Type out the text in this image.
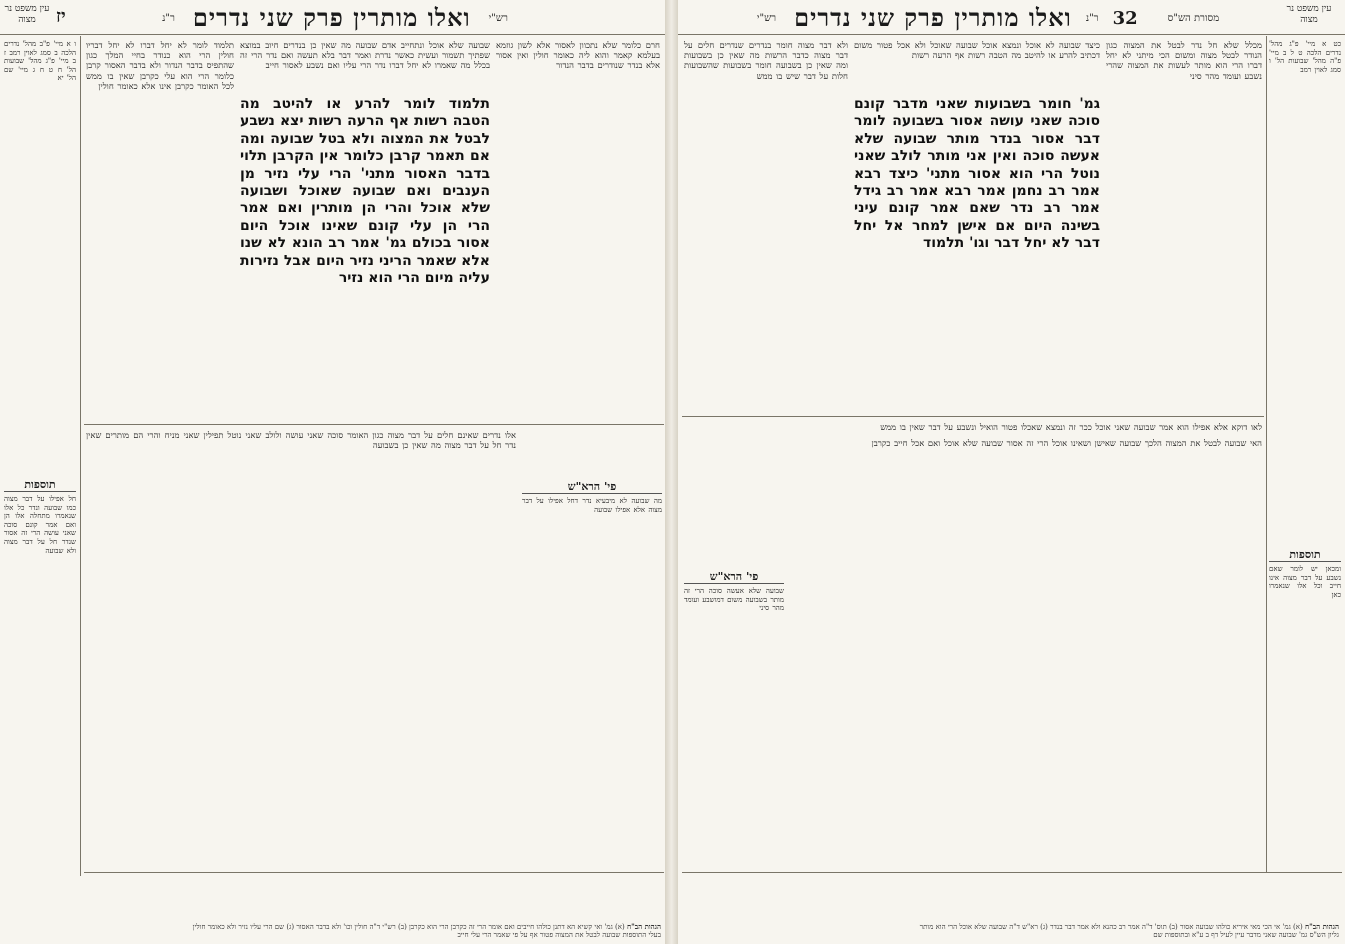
עין משפט נר מצוה	רש"י
ואלו מותרין פרק שני נדרים
ר"נ
יז
ו א מיי' פ"ב מהל' נדרים הלכה ב סמג לאוין רמב ז ב מיי' פ"ג מהל' שבועות הל' ח ט ח ג מיי' שם הל' יא
תוספות
חל אפילו על דבר מצוה כמו שבועה ונדר כל אלו שנאמרו מתחלה אלו הן ואם אמר קונם סוכה שאני עושה הרי זה אסור שנדר חל על דבר מצוה ולא שבועה
תלמוד לומר לא יחל דברו לא יחל דבריו חולין הרי הוא כנודר בחיי המלך כגון שהתפיס בדבר הנדור ולא בדבר האסור קרבן כלומר הרי הוא עלי כקרבן שאין בו ממש לכל האומר כקרבן אינו אלא כאומר חולין
תלמוד לומר להרע או להיטב מה הטבה רשות אף הרעה רשות יצא נשבע לבטל את המצוה ולא בטל שבועה ומה אם תאמר קרבן כלומר אין הקרבן תלוי בדבר האסור מתני' הרי עלי נזיר מן הענבים ואם שבועה שאוכל ושבועה שלא אוכל והרי הן מותרין ואם אמר הרי הן עלי קונם שאינו אוכל היום אסור בכולם גמ' אמר רב הונא לא שנו אלא שאמר הריני נזיר היום אבל נזירות עליה מיום הרי הוא נזיר
שבועה שלא אוכל ונתחייב אדם שבועה מה שאין כן בנדרים חיוב במוצא שפתיך תשמור ועשית כאשר נדרת ואמר דבר בלא תעשה ואם נדר הרי זה בכלל מה שאמרו לא יחל דברו נדר הרי עליו ואם נשבע לאסור חייב
חרם כלומר שלא נתכוון לאסור אלא לשון גוזמא בעלמא קאמר והוא ליה כאומר חולין ואין אסור אלא בנדר שנודרים בדבר הנדור
אלו נדרים שאינם חלים על דבר מצוה כגון האומר סוכה שאני עושה ולולב שאני נוטל תפילין שאני מניח והרי הם מותרים שאין נדר חל על דבר מצוה מה שאין כן בשבועה
פי' הרא"ש
מה שבועה לא מיבעיא נדר דחל אפילו על דבר מצוה אלא אפילו שבועה
הגהות הב"ח (א) גמ' ואי קשיא הא דתנן כולהו חייבים ואם אומר הרי זה כקרבן הרי הוא כקרבן (ב) רש"י ד"ה חולין וכו' ולא בדבר האסור (ג) שם הרי עליו נזיר ולא כאומר חולין
בעלי התוספות שבועה לבטל את המצוה פטור אף על פי שאמר הרי עלי חייב
עין משפט נר מצוה
מסורת הש"ס
32
ר"נ
ואלו מותרין פרק שני נדרים
רש"י
כט א מיי' פ"ג מהל' נדרים הלכה ט ל ב מיי' פ"ה מהל' שבועות הל' ו סמג לאוין רמב
תוספות
ומכאן יש לומר שאם נשבע על דבר מצוה אינו חייב וכל אלו שנאמרו כאן
ולא דבר מצוה חומר בנדרים שנדרים חלים על דבר מצוה כדבר הרשות מה שאין כן בשבועות ומה שאין כן בשבועה חומר בשבועות שהשבועות חלות על דבר שיש בו ממש
גמ' חומר בשבועות שאני מדבר קונם סוכה שאני עושה אסור בשבועה לומר דבר אסור בנדר מותר שבועה שלא אעשה סוכה ואין אני מותר לולב שאני נוטל הרי הוא אסור מתני' כיצד רבא אמר רב נחמן אמר רבא אמר רב גידל אמר רב נדר שאם אמר קונם עיני בשינה היום אם אישן למחר אל יחל דבר לא יחל דבר וגו' תלמוד
כיצד שבועה לא אוכל ונמצא אוכל שבועה שאוכל ולא אכל פטור משום דכתיב להרע או להיטב מה הטבה רשות אף הרעה רשות
מכלל שלא חל נדר לבטל את המצוה כגון הנודר לבטל מצוה ומשום הכי מיתני לא יחל דברו הרי הוא מותר לעשות את המצוה שהרי נשבע ועומד מהר סיני
פי' הרא"ש
שבועה שלא אעשה סוכה הרי זה מותר בשבועה משום דמושבע ועומד מהר סיני
לאו דוקא אלא אפילו הוא אמר שבועה שאני אוכל ככר זה ונמצא שאכלו פטור הואיל ונשבע על דבר שאין בו ממש
האי שבועה לבטל את המצוה הלכך שבועה שאישן ושאינו אוכל הרי זה אסור שבועה שלא אוכל ואם אכל חייב כקרבן
הגהות הב"ח (א) גמ' אי הכי מאי איריא כולהו שבועה אסור (ב) תוס' ד"ה אמר רב כהנא ולא אמר דבר בנדר (ג) רא"ש ד"ה שבועה שלא אוכל הרי הוא מותר
גליון הש"ס גמ' שבועה שאני מדבר עיין לעיל דף ב ע"א ובתוספות שם
